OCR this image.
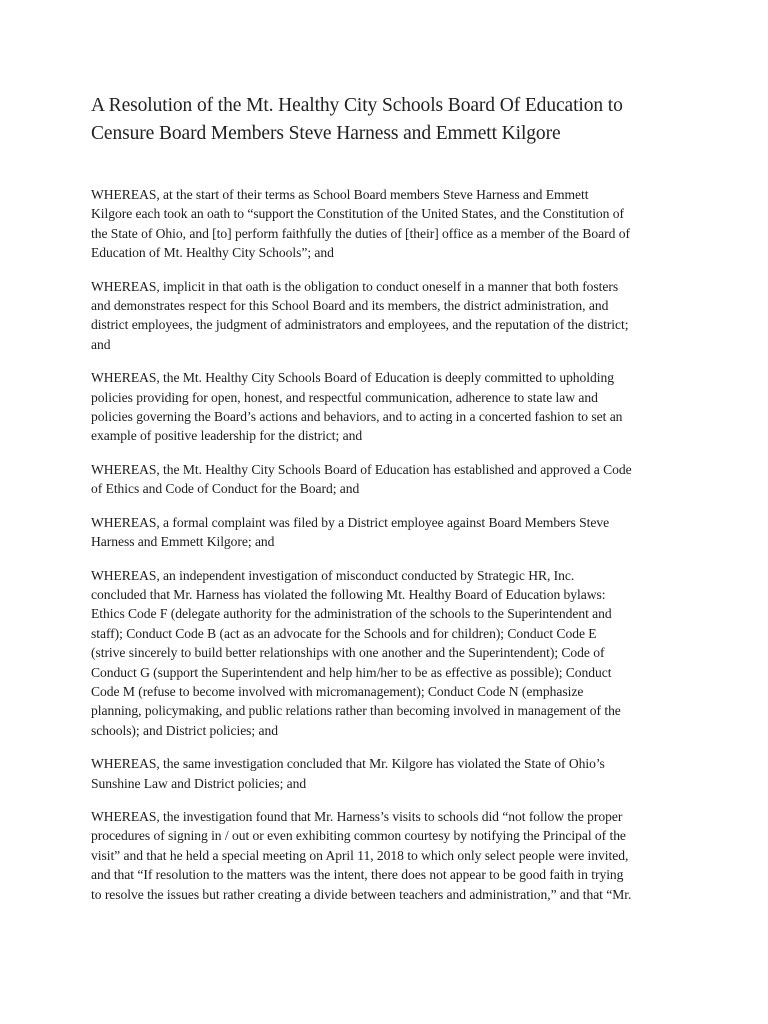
A Resolution of the Mt. Healthy City Schools Board Of Education to
Censure Board Members Steve Harness and Emmett Kilgore

WHEREAS, at the start of their terms as School Board members Steve Harness and Emmett
Kilgore each took an oath to “support the Constitution of the United States, and the Constitution of
the State of Ohio, and [to] perform faithfully the duties of [their] office as a member of the Board of
Education of Mt. Healthy City Schools”; and

WHEREAS, implicit in that oath is the obligation to conduct oneself in a manner that both fosters
and demonstrates respect for this School Board and its members, the district administration, and
district employees, the judgment of administrators and employees, and the reputation of the district;
and

WHEREAS, the Mt. Healthy City Schools Board of Education is deeply committed to upholding
policies providing for open, honest, and respectful communication, adherence to state law and
policies governing the Board’s actions and behaviors, and to acting in a concerted fashion to set an
example of positive leadership for the district; and

WHEREAS, the Mt. Healthy City Schools Board of Education has established and approved a Code
of Ethics and Code of Conduct for the Board; and

WHEREAS, a formal complaint was filed by a District employee against Board Members Steve
Harness and Emmett Kilgore; and

WHEREAS, an independent investigation of misconduct conducted by Strategic HR, Inc.
concluded that Mr. Harness has violated the following Mt. Healthy Board of Education bylaws:
Ethics Code F (delegate authority for the administration of the schools to the Superintendent and
staff); Conduct Code B (act as an advocate for the Schools and for children); Conduct Code E
(strive sincerely to build better relationships with one another and the Superintendent); Code of
Conduct G (support the Superintendent and help him/her to be as effective as possible); Conduct
Code M (refuse to become involved with micromanagement); Conduct Code N (emphasize
planning, policymaking, and public relations rather than becoming involved in management of the
schools); and District policies; and

WHEREAS, the same investigation concluded that Mr. Kilgore has violated the State of Ohio’s
Sunshine Law and District policies; and

WHEREAS, the investigation found that Mr. Harness’s visits to schools did “not follow the proper
procedures of signing in / out or even exhibiting common courtesy by notifying the Principal of the
visit” and that he held a special meeting on April 11, 2018 to which only select people were invited,
and that “If resolution to the matters was the intent, there does not appear to be good faith in trying
to resolve the issues but rather creating a divide between teachers and administration,” and that “Mr.
